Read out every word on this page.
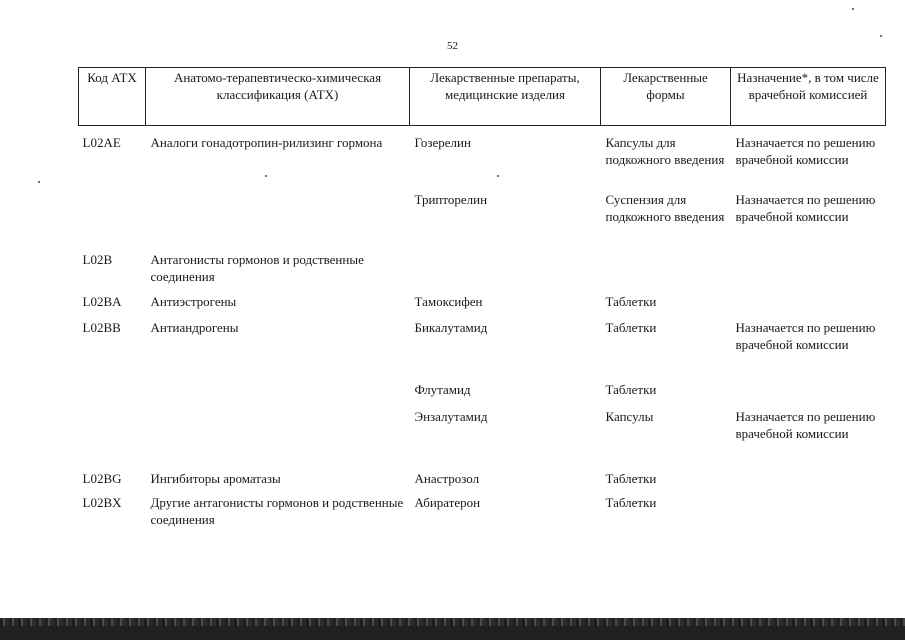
52
Код АТХ	Анатомо-терапевтическо-химическая классификация (АТХ)	Лекарственные препараты, медицинские изделия	Лекарственные формы	Назначение*, в том числе врачебной комиссией
L02AE	Аналоги гонадотропин-рилизинг гормона	Гозерелин	Капсулы для подкожного введения	Назначается по решению врачебной комиссии
		Трипторелин	Суспензия для подкожного введения	Назначается по решению врачебной комиссии
L02B	Антагонисты гормонов и родственные соединения			
L02BA	Антиэстрогены	Тамоксифен	Таблетки	
L02BB	Антиандрогены	Бикалутамид	Таблетки	Назначается по решению врачебной комиссии
		Флутамид	Таблетки	
		Энзалутамид	Капсулы	Назначается по решению врачебной комиссии
L02BG	Ингибиторы ароматазы	Анастрозол	Таблетки	
L02BX	Другие антагонисты гормонов и родственные соединения	Абиратерон	Таблетки	
